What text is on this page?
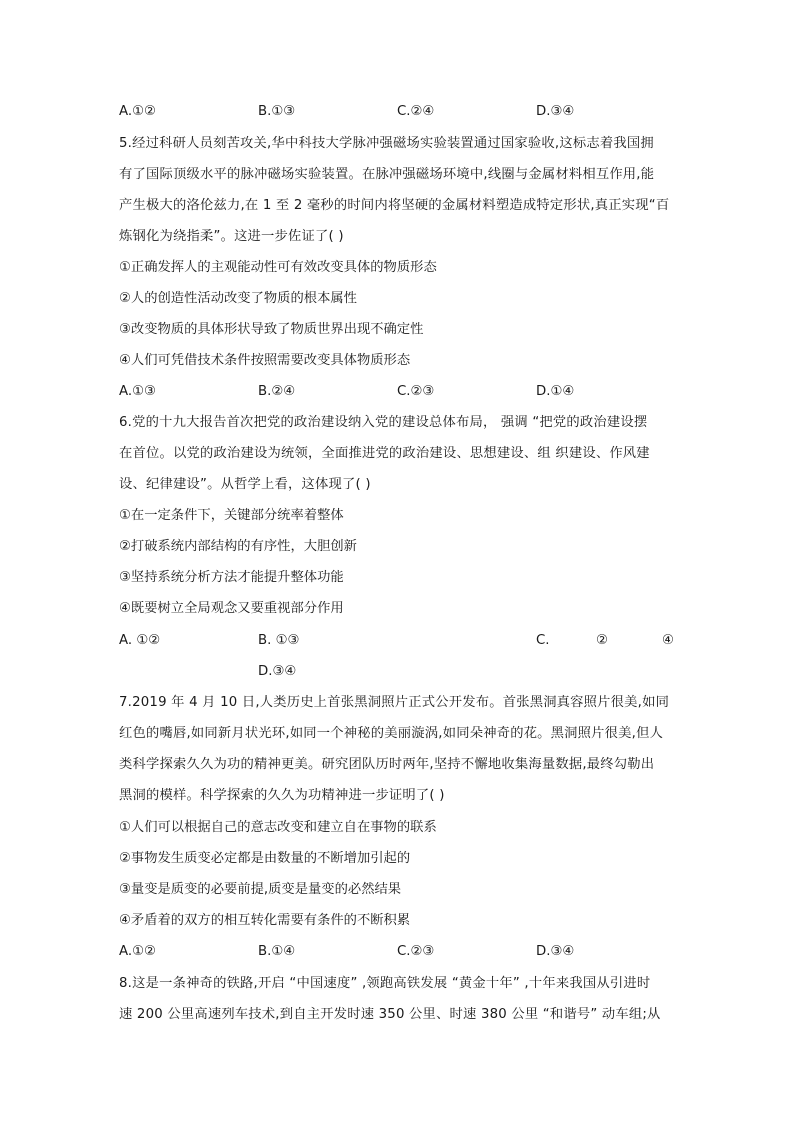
A.①②	B.①③	C.②④	D.③④
5.经过科研人员刻苦攻关,华中科技大学脉冲强磁场实验装置通过国家验收,这标志着我国拥
有了国际顶级水平的脉冲磁场实验装置。在脉冲强磁场环境中,线圈与金属材料相互作用,能
产生极大的洛伦兹力,在 1 至 2 毫秒的时间内将坚硬的金属材料塑造成特定形状,真正实现“百
炼钢化为绕指柔”。这进一步佐证了( )
①正确发挥人的主观能动性可有效改变具体的物质形态
②人的创造性活动改变了物质的根本属性
③改变物质的具体形状导致了物质世界出现不确定性
④人们可凭借技术条件按照需要改变具体物质形态
A.①③	B.②④	C.②③	D.①④
6.党的十九大报告首次把党的政治建设纳入党的建设总体布局， 强调 “把党的政治建设摆
在首位。以党的政治建设为统领，全面推进党的政治建设、思想建设、组 织建设、作风建
设、纪律建设”。从哲学上看，这体现了( )
①在一定条件下，关键部分统率着整体
②打破系统内部结构的有序性，大胆创新
③坚持系统分析方法才能提升整体功能
④既要树立全局观念又要重视部分作用
A. ①②	B. ①③	C.	②	④
D.③④
7.2019 年 4 月 10 日,人类历史上首张黑洞照片正式公开发布。首张黑洞真容照片很美,如同
红色的嘴唇,如同新月状光环,如同一个神秘的美丽漩涡,如同朵神奇的花。黑洞照片很美,但人
类科学探索久久为功的精神更美。研究团队历时两年,坚持不懈地收集海量数据,最终勾勒出
黑洞的模样。科学探索的久久为功精神进一步证明了( )
①人们可以根据自己的意志改变和建立自在事物的联系
②事物发生质变必定都是由数量的不断增加引起的
③量变是质变的必要前提,质变是量变的必然结果
④矛盾着的双方的相互转化需要有条件的不断积累
A.①②	B.①④	C.②③	D.③④
8.这是一条神奇的铁路,开启 “中国速度” ,领跑高铁发展 “黄金十年” ,十年来我国从引进时
速 200 公里高速列车技术,到自主开发时速 350 公里、时速 380 公里 “和谐号” 动车组;从
